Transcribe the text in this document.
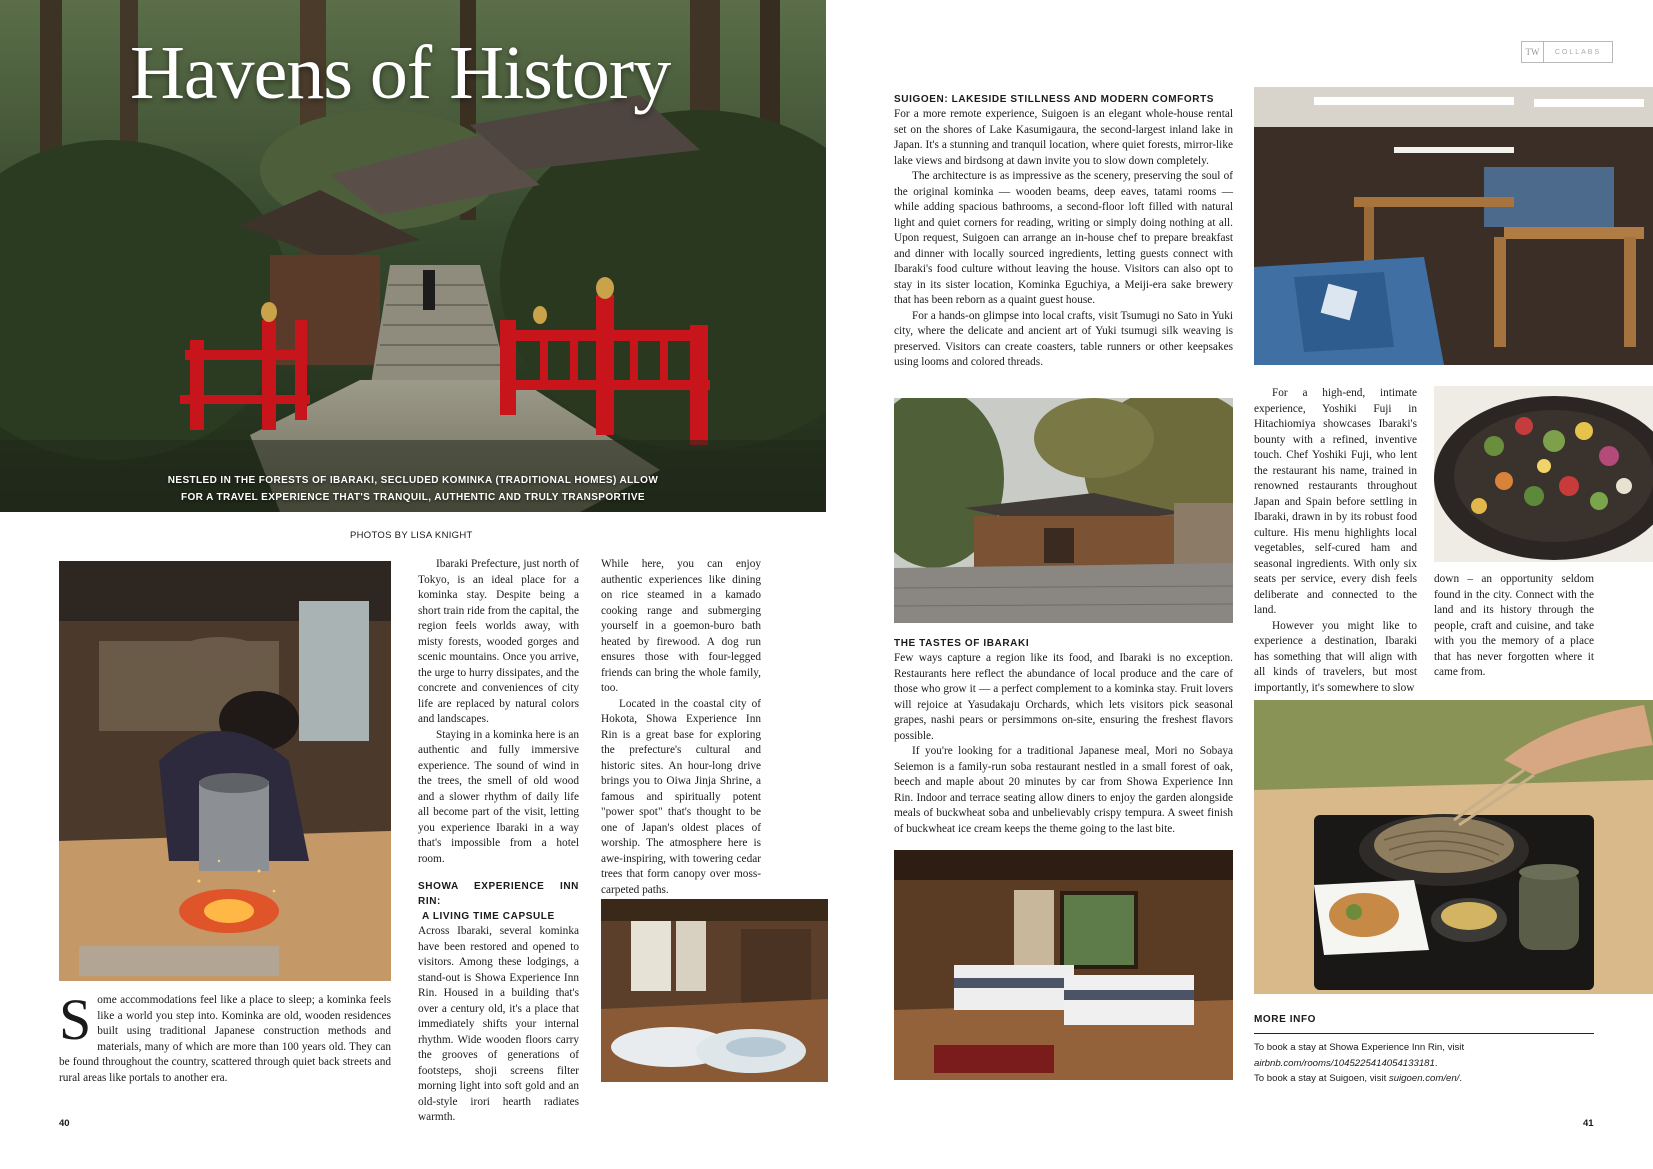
Havens of History
NESTLED IN THE FORESTS OF IBARAKI, SECLUDED KOMINKA (TRADITIONAL HOMES) ALLOW
FOR A TRAVEL EXPERIENCE THAT'S TRANQUIL, AUTHENTIC AND TRULY TRANSPORTIVE
PHOTOS BY LISA KNIGHT
TW	COLLABS

Some accommodations feel like a place to sleep; a kominka feels like a world you step into. Kominka are old, wooden residences built using traditional Japanese construction methods and materials, many of which are more than 100 years old. They can be found throughout the country, scattered through quiet back streets and rural areas like portals to another era.

Ibaraki Prefecture, just north of Tokyo, is an ideal place for a kominka stay. Despite being a short train ride from the capital, the region feels worlds away, with misty forests, wooded gorges and scenic mountains. Once you arrive, the urge to hurry dissipates, and the concrete and conveniences of city life are replaced by natural colors and landscapes.

Staying in a kominka here is an authentic and fully immersive experience. The sound of wind in the trees, the smell of old wood and a slower rhythm of daily life all become part of the visit, letting you experience Ibaraki in a way that's impossible from a hotel room.

SHOWA EXPERIENCE INN RIN:
A LIVING TIME CAPSULE

Across Ibaraki, several kominka have been restored and opened to visitors. Among these lodgings, a stand-out is Showa Experience Inn Rin. Housed in a building that's over a century old, it's a place that immediately shifts your internal rhythm. Wide wooden floors carry the grooves of generations of footsteps, shoji screens filter morning light into soft gold and an old-style irori hearth radiates warmth.

While here, you can enjoy authentic experiences like dining on rice steamed in a kamado cooking range and submerging yourself in a goemon-buro bath heated by firewood. A dog run ensures those with four-legged friends can bring the whole family, too.

Located in the coastal city of Hokota, Showa Experience Inn Rin is a great base for exploring the prefecture's cultural and historic sites. An hour-long drive brings you to Oiwa Jinja Shrine, a famous and spiritually potent "power spot" that's thought to be one of Japan's oldest places of worship. The atmosphere here is awe-inspiring, with towering cedar trees that form canopy over moss-carpeted paths.

SUIGOEN: LAKESIDE STILLNESS AND MODERN COMFORTS

For a more remote experience, Suigoen is an elegant whole-house rental set on the shores of Lake Kasumigaura, the second-largest inland lake in Japan. It's a stunning and tranquil location, where quiet forests, mirror-like lake views and birdsong at dawn invite you to slow down completely.

The architecture is as impressive as the scenery, preserving the soul of the original kominka — wooden beams, deep eaves, tatami rooms — while adding spacious bathrooms, a second-floor loft filled with natural light and quiet corners for reading, writing or simply doing nothing at all. Upon request, Suigoen can arrange an in-house chef to prepare breakfast and dinner with locally sourced ingredients, letting guests connect with Ibaraki's food culture without leaving the house. Visitors can also opt to stay in its sister location, Kominka Eguchiya, a Meiji-era sake brewery that has been reborn as a quaint guest house.

For a hands-on glimpse into local crafts, visit Tsumugi no Sato in Yuki city, where the delicate and ancient art of Yuki tsumugi silk weaving is preserved. Visitors can create coasters, table runners or other keepsakes using looms and colored threads.

THE TASTES OF IBARAKI

Few ways capture a region like its food, and Ibaraki is no exception. Restaurants here reflect the abundance of local produce and the care of those who grow it — a perfect complement to a kominka stay. Fruit lovers will rejoice at Yasudakaju Orchards, which lets visitors pick seasonal grapes, nashi pears or persimmons on-site, ensuring the freshest flavors possible.

If you're looking for a traditional Japanese meal, Mori no Sobaya Seiemon is a family-run soba restaurant nestled in a small forest of oak, beech and maple about 20 minutes by car from Showa Experience Inn Rin. Indoor and terrace seating allow diners to enjoy the garden alongside meals of buckwheat soba and unbelievably crispy tempura. A sweet finish of buckwheat ice cream keeps the theme going to the last bite.

For a high-end, intimate experience, Yoshiki Fuji in Hitachiomiya showcases Ibaraki's bounty with a refined, inventive touch. Chef Yoshiki Fuji, who lent the restaurant his name, trained in renowned restaurants throughout Japan and Spain before settling in Ibaraki, drawn in by its robust food culture. His menu highlights local vegetables, self-cured ham and seasonal ingredients. With only six seats per service, every dish feels deliberate and connected to the land.

However you might like to experience a destination, Ibaraki has something that will align with all kinds of travelers, but most importantly, it's somewhere to slow

down – an opportunity seldom found in the city. Connect with the land and its history through the people, craft and cuisine, and take with you the memory of a place that has never forgotten where it came from.

MORE INFO
To book a stay at Showa Experience Inn Rin, visit
airbnb.com/rooms/1045225414054133181.
To book a stay at Suigoen, visit suigoen.com/en/.
40	41
